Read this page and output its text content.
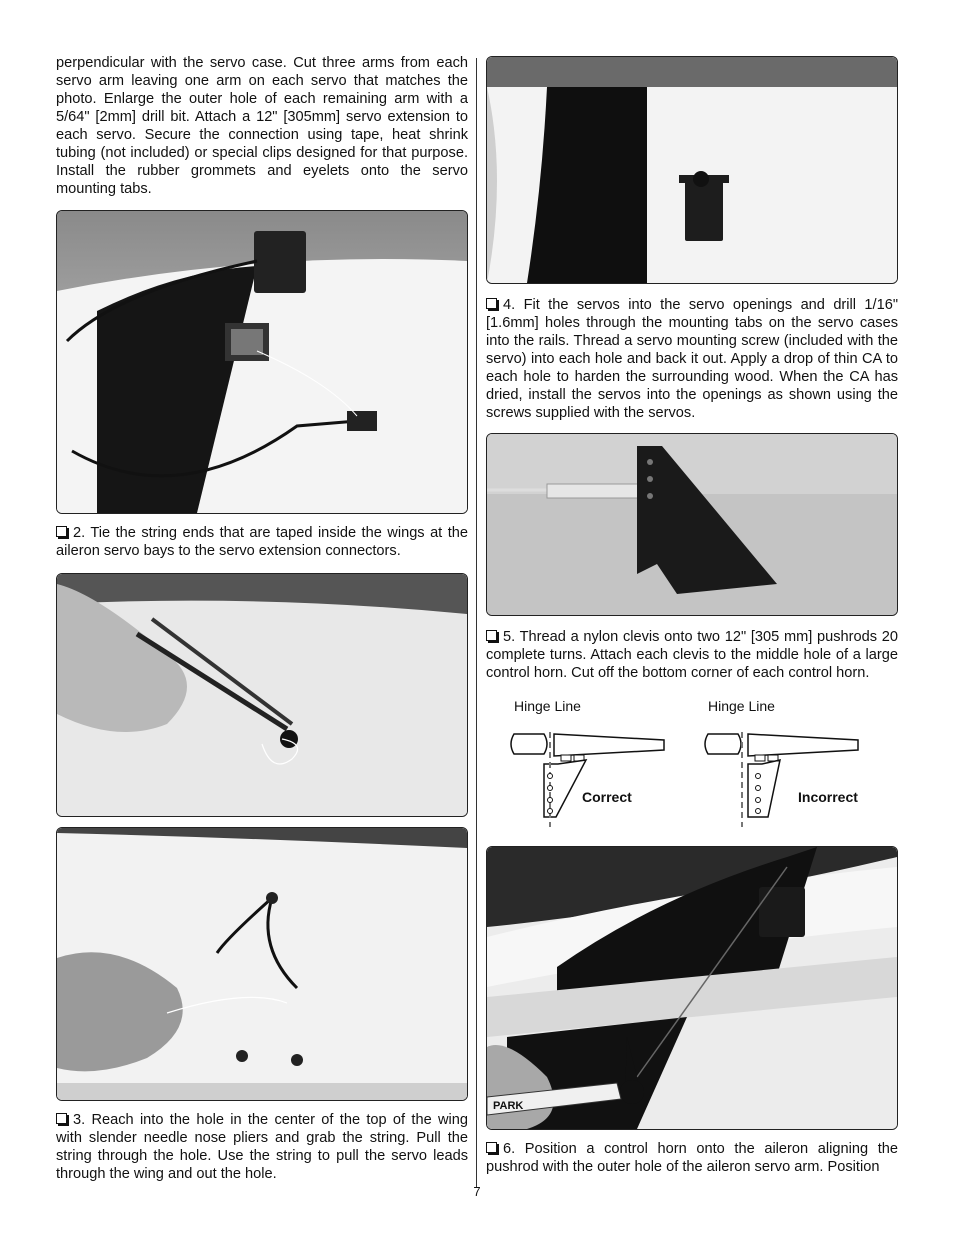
perpendicular with the servo case. Cut three arms from each servo arm leaving one arm on each servo that matches the photo. Enlarge the outer hole of each remaining arm with a 5/64" [2mm] drill bit. Attach a 12" [305mm] servo extension to each servo. Secure the connection using tape, heat shrink tubing (not included) or special clips designed for that purpose. Install the rubber grommets and eyelets onto the servo mounting tabs.

2. Tie the string ends that are taped inside the wings at the aileron servo bays to the servo extension connectors.

3. Reach into the hole in the center of the top of the wing with slender needle nose pliers and grab the string. Pull the string through the hole. Use the string to pull the servo leads through the wing and out the hole.

4. Fit the servos into the servo openings and drill 1/16" [1.6mm] holes through the mounting tabs on the servo cases into the rails. Thread a servo mounting screw (included with the servo) into each hole and back it out. Apply a drop of thin CA to each hole to harden the surrounding wood. When the CA has dried, install the servos into the openings as shown using the screws supplied with the servos.

5. Thread a nylon clevis onto two 12" [305 mm] pushrods 20 complete turns. Attach each clevis to the middle hole of a large control horn. Cut off the bottom corner of each control horn.

Hinge Line	Hinge Line
Correct	Incorrect
PARK

6. Position a control horn onto the aileron aligning the pushrod with the outer hole of the aileron servo arm. Position

7
